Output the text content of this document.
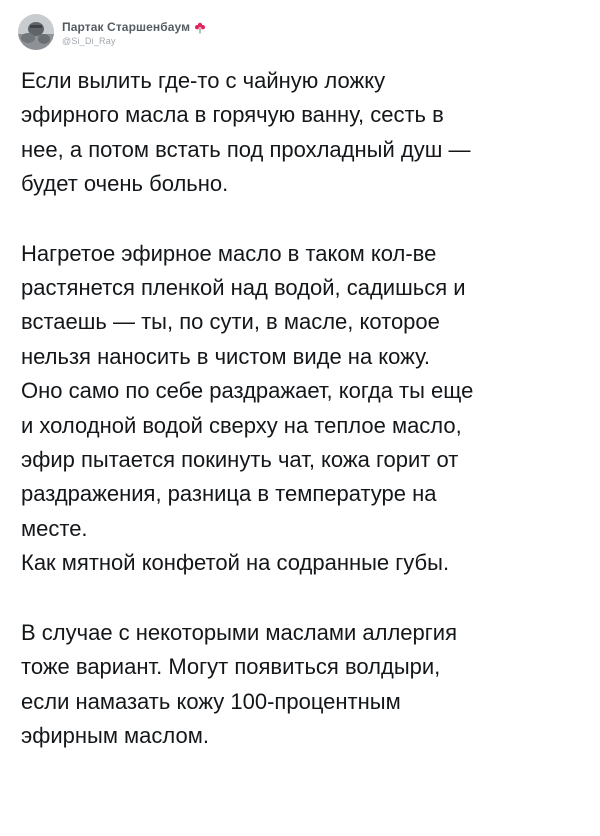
Партак Старшенбаум
@Si_Di_Ray

Если вылить где-то с чайную ложку
эфирного масла в горячую ванну, сесть в
нее, а потом встать под прохладный душ —
будет очень больно.

Нагретое эфирное масло в таком кол-ве
растянется пленкой над водой, садишься и
встаешь — ты, по сути, в масле, которое
нельзя наносить в чистом виде на кожу.
Оно само по себе раздражает, когда ты еще
и холодной водой сверху на теплое масло,
эфир пытается покинуть чат, кожа горит от
раздражения, разница в температуре на
месте.
Как мятной конфетой на содранные губы.

В случае с некоторыми маслами аллергия
тоже вариант. Могут появиться волдыри,
если намазать кожу 100-процентным
эфирным маслом.
